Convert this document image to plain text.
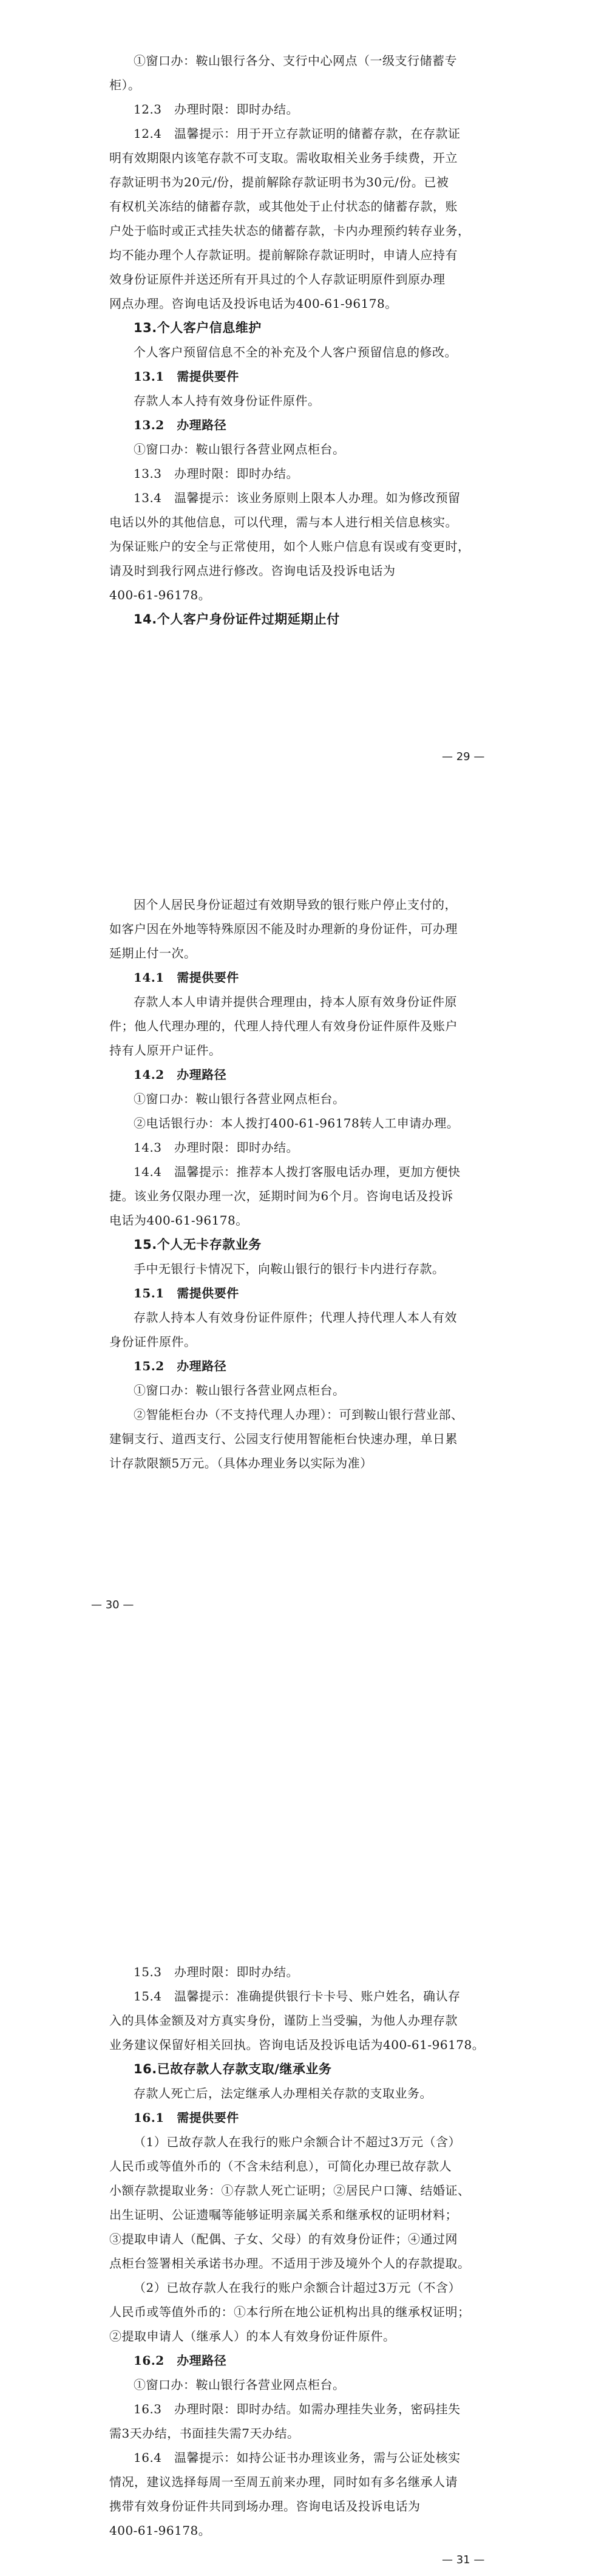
①窗口办：鞍山银行各分、支行中心网点（一级支行储蓄专

柜）。

12.3　办理时限：即时办结。

12.4　温馨提示：用于开立存款证明的储蓄存款，在存款证

明有效期限内该笔存款不可支取。需收取相关业务手续费，开立

存款证明书为20元/份，提前解除存款证明书为30元/份。已被

有权机关冻结的储蓄存款，或其他处于止付状态的储蓄存款，账

户处于临时或正式挂失状态的储蓄存款，卡内办理预约转存业务，

均不能办理个人存款证明。提前解除存款证明时，申请人应持有

效身份证原件并送还所有开具过的个人存款证明原件到原办理

网点办理。咨询电话及投诉电话为400-61-96178。

13.个人客户信息维护

个人客户预留信息不全的补充及个人客户预留信息的修改。

13.1　需提供要件

存款人本人持有效身份证件原件。

13.2　办理路径

①窗口办：鞍山银行各营业网点柜台。

13.3　办理时限：即时办结。

13.4　温馨提示：该业务原则上限本人办理。如为修改预留

电话以外的其他信息，可以代理，需与本人进行相关信息核实。

为保证账户的安全与正常使用，如个人账户信息有误或有变更时，

请及时到我行网点进行修改。咨询电话及投诉电话为

400-61-96178。

14.个人客户身份证件过期延期止付

— 29 —

因个人居民身份证超过有效期导致的银行账户停止支付的，

如客户因在外地等特殊原因不能及时办理新的身份证件，可办理

延期止付一次。

14.1　需提供要件

存款人本人申请并提供合理理由，持本人原有效身份证件原

件；他人代理办理的，代理人持代理人有效身份证件原件及账户

持有人原开户证件。

14.2　办理路径

①窗口办：鞍山银行各营业网点柜台。

②电话银行办：本人拨打400-61-96178转人工申请办理。

14.3　办理时限：即时办结。

14.4　温馨提示：推荐本人拨打客服电话办理，更加方便快

捷。该业务仅限办理一次，延期时间为6个月。咨询电话及投诉

电话为400-61-96178。

15.个人无卡存款业务

手中无银行卡情况下，向鞍山银行的银行卡内进行存款。

15.1　需提供要件

存款人持本人有效身份证件原件；代理人持代理人本人有效

身份证件原件。

15.2　办理路径

①窗口办：鞍山银行各营业网点柜台。

②智能柜台办（不支持代理人办理）：可到鞍山银行营业部、

建铜支行、道西支行、公园支行使用智能柜台快速办理，单日累

计存款限额5万元。（具体办理业务以实际为准）

— 30 —

15.3　办理时限：即时办结。

15.4　温馨提示：准确提供银行卡卡号、账户姓名，确认存

入的具体金额及对方真实身份，谨防上当受骗，为他人办理存款

业务建议保留好相关回执。咨询电话及投诉电话为400-61-96178。

16.已故存款人存款支取/继承业务

存款人死亡后，法定继承人办理相关存款的支取业务。

16.1　需提供要件

（1）已故存款人在我行的账户余额合计不超过3万元（含）

人民币或等值外币的（不含未结利息），可简化办理已故存款人

小额存款提取业务：①存款人死亡证明；②居民户口簿、结婚证、

出生证明、公证遗嘱等能够证明亲属关系和继承权的证明材料；

③提取申请人（配偶、子女、父母）的有效身份证件；④通过网

点柜台签署相关承诺书办理。不适用于涉及境外个人的存款提取。

（2）已故存款人在我行的账户余额合计超过3万元（不含）

人民币或等值外币的：①本行所在地公证机构出具的继承权证明；

②提取申请人（继承人）的本人有效身份证件原件。

16.2　办理路径

①窗口办：鞍山银行各营业网点柜台。

16.3　办理时限：即时办结。如需办理挂失业务，密码挂失

需3天办结，书面挂失需7天办结。

16.4　温馨提示：如持公证书办理该业务，需与公证处核实

情况，建议选择每周一至周五前来办理，同时如有多名继承人请

携带有效身份证件共同到场办理。咨询电话及投诉电话为

400-61-96178。

— 31 —
